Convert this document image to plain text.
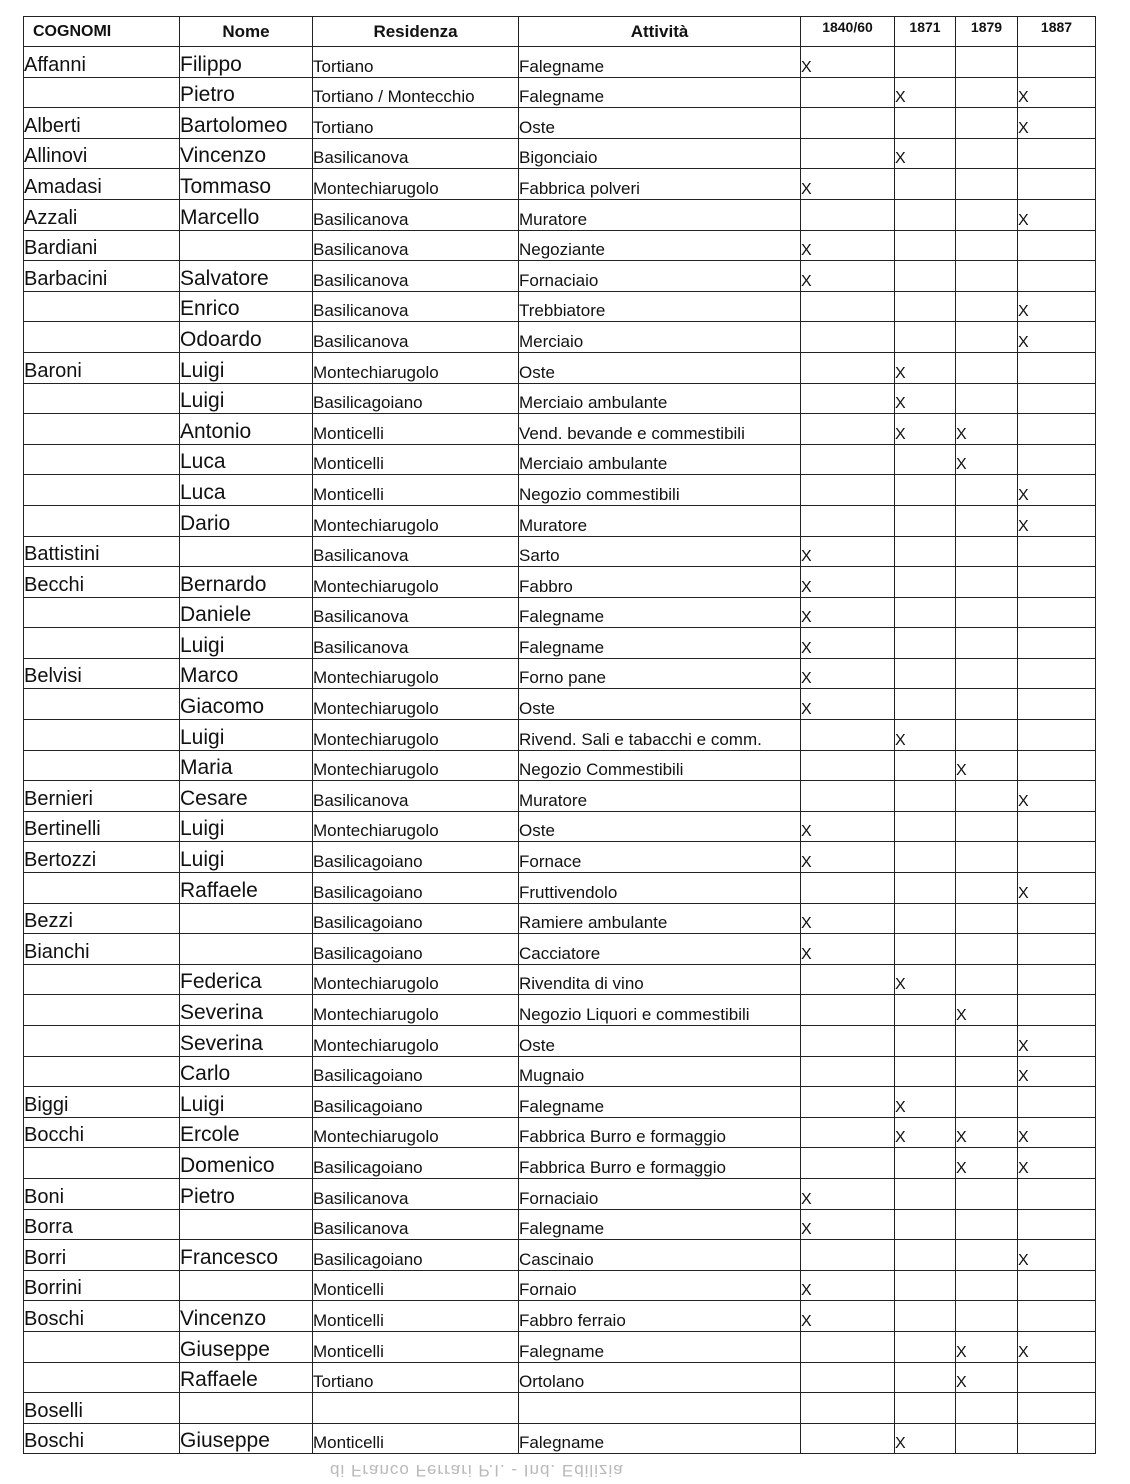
COGNOMI	Nome	Residenza	Attività	1840/60	1871	1879	1887
Affanni	Filippo	Tortiano	Falegname	X			
	Pietro	Tortiano / Montecchio	Falegname		X		X
Alberti	Bartolomeo	Tortiano	Oste				X
Allinovi	Vincenzo	Basilicanova	Bigonciaio		X		
Amadasi	Tommaso	Montechiarugolo	Fabbrica polveri	X			
Azzali	Marcello	Basilicanova	Muratore				X
Bardiani		Basilicanova	Negoziante	X			
Barbacini	Salvatore	Basilicanova	Fornaciaio	X			
	Enrico	Basilicanova	Trebbiatore				X
	Odoardo	Basilicanova	Merciaio				X
Baroni	Luigi	Montechiarugolo	Oste		X		
	Luigi	Basilicagoiano	Merciaio ambulante		X		
	Antonio	Monticelli	Vend. bevande e commestibili		X	X	
	Luca	Monticelli	Merciaio ambulante			X	
	Luca	Monticelli	Negozio commestibili				X
	Dario	Montechiarugolo	Muratore				X
Battistini		Basilicanova	Sarto	X			
Becchi	Bernardo	Montechiarugolo	Fabbro	X			
	Daniele	Basilicanova	Falegname	X			
	Luigi	Basilicanova	Falegname	X			
Belvisi	Marco	Montechiarugolo	Forno pane	X			
	Giacomo	Montechiarugolo	Oste	X			
	Luigi	Montechiarugolo	Rivend. Sali e tabacchi e comm.		X		
	Maria	Montechiarugolo	Negozio Commestibili			X	
Bernieri	Cesare	Basilicanova	Muratore				X
Bertinelli	Luigi	Montechiarugolo	Oste	X			
Bertozzi	Luigi	Basilicagoiano	Fornace	X			
	Raffaele	Basilicagoiano	Fruttivendolo				X
Bezzi		Basilicagoiano	Ramiere ambulante	X			
Bianchi		Basilicagoiano	Cacciatore	X			
	Federica	Montechiarugolo	Rivendita di vino		X		
	Severina	Montechiarugolo	Negozio Liquori e commestibili			X	
	Severina	Montechiarugolo	Oste				X
	Carlo	Basilicagoiano	Mugnaio				X
Biggi	Luigi	Basilicagoiano	Falegname		X		
Bocchi	Ercole	Montechiarugolo	Fabbrica Burro e formaggio		X	X	X
	Domenico	Basilicagoiano	Fabbrica Burro e formaggio			X	X
Boni	Pietro	Basilicanova	Fornaciaio	X			
Borra		Basilicanova	Falegname	X			
Borri	Francesco	Basilicagoiano	Cascinaio				X
Borrini		Monticelli	Fornaio	X			
Boschi	Vincenzo	Monticelli	Fabbro ferraio	X			
	Giuseppe	Monticelli	Falegname			X	X
	Raffaele	Tortiano	Ortolano			X	
Boselli							
Boschi	Giuseppe	Monticelli	Falegname		X		
di Franco Ferrari P.I. - Ind. Edilizia
